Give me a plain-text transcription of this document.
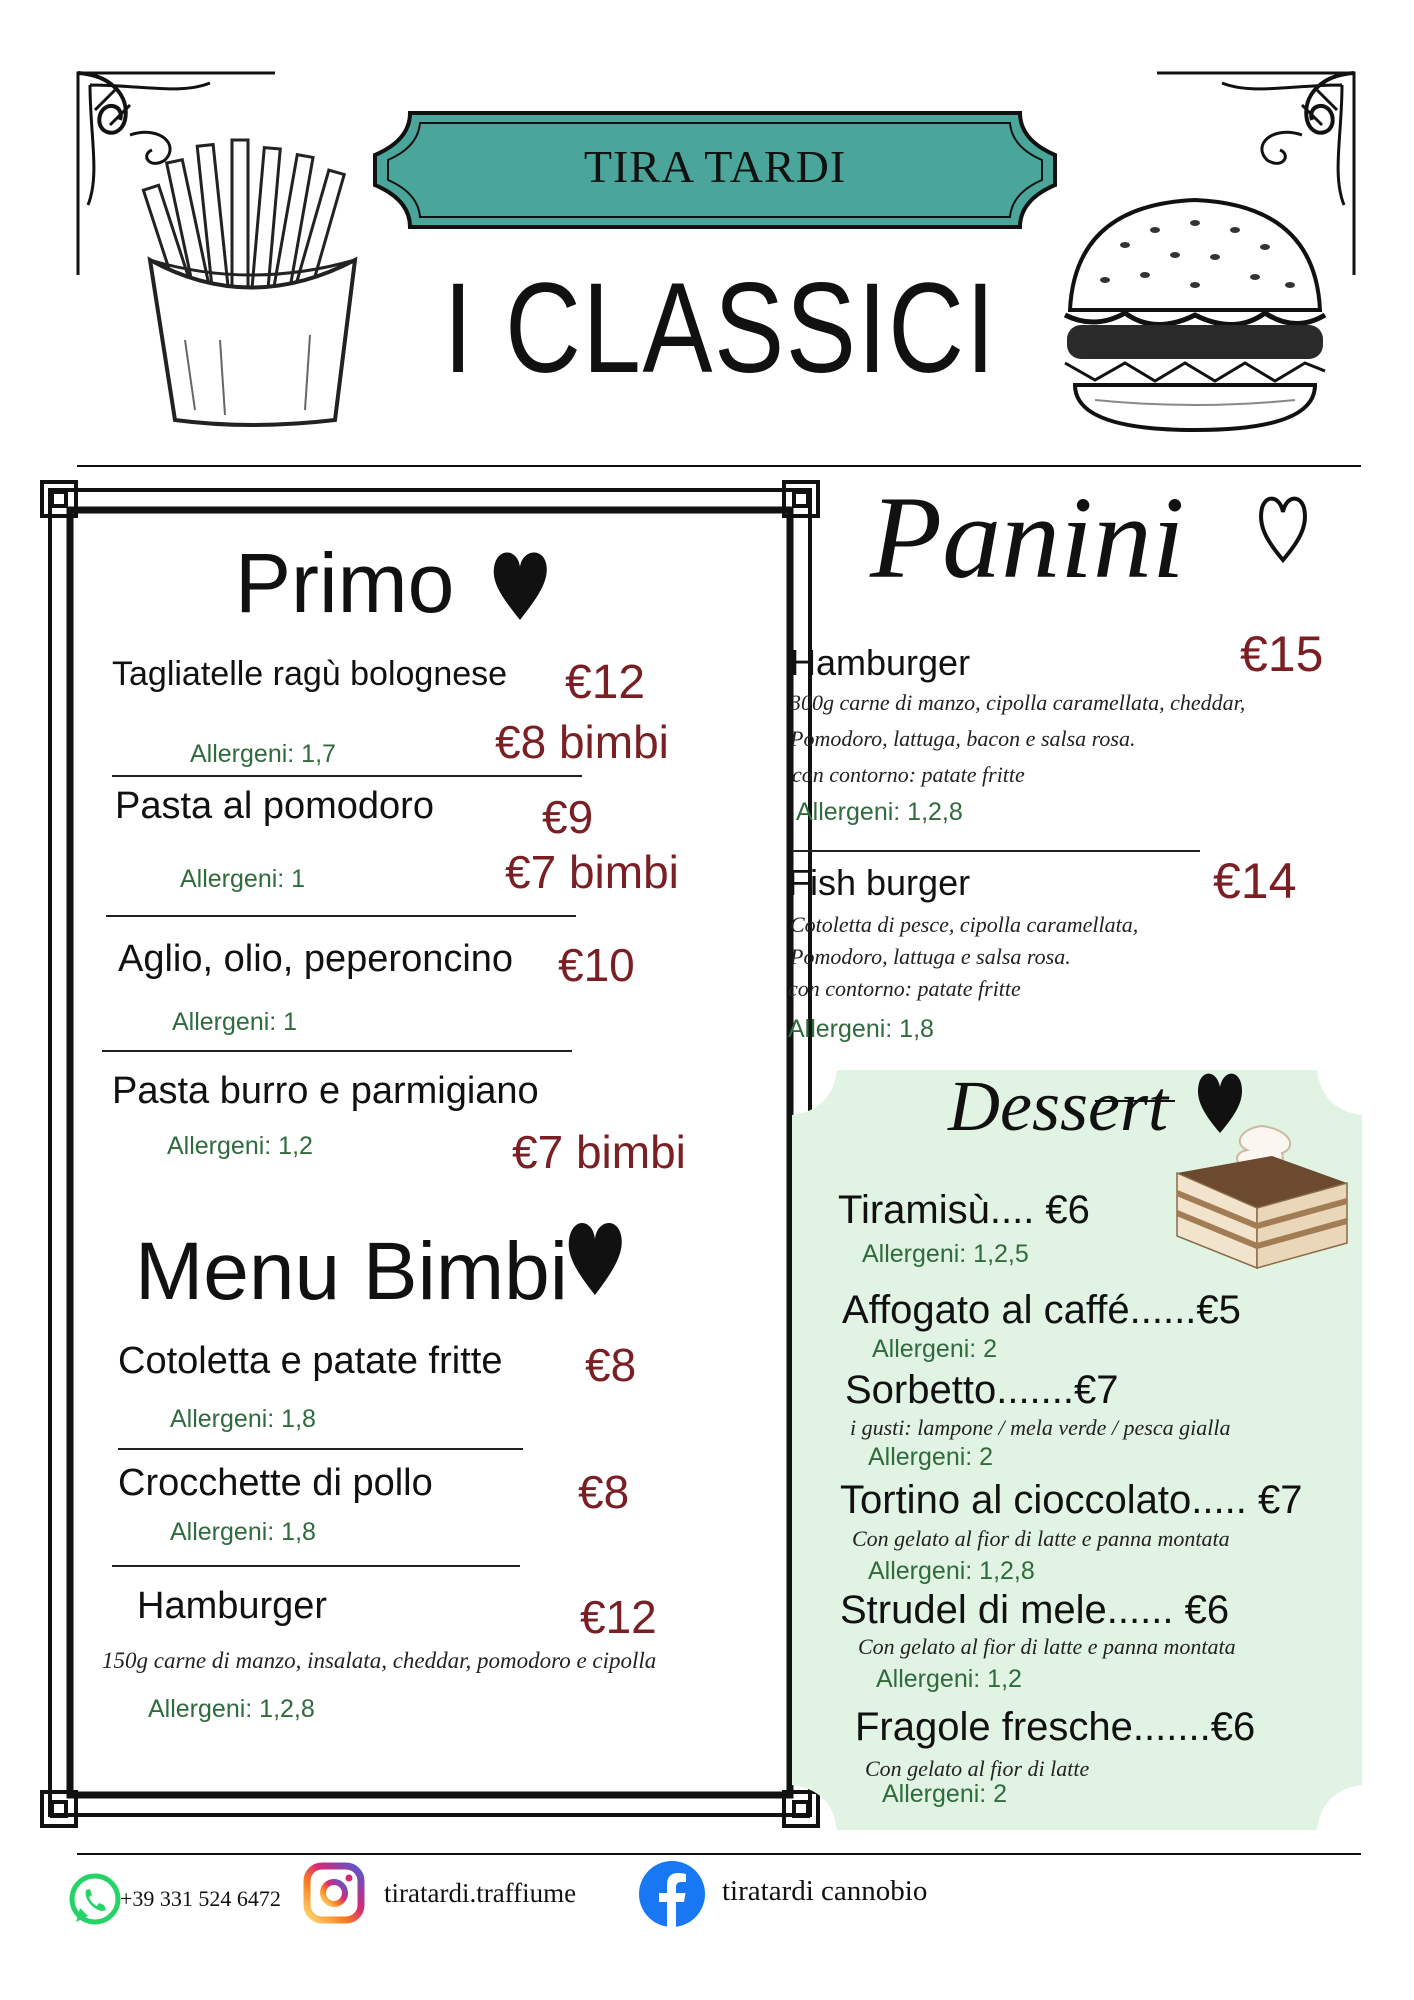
TIRA TARDI
I CLASSICI
Primo
Tagliatelle ragù bolognese €12
Allergeni: 1,7	€8 bimbi
Pasta al pomodoro €9
Allergeni: 1	€7 bimbi
Aglio, olio, peperoncino €10
Allergeni: 1
Pasta burro e parmigiano
Allergeni: 1,2	€7 bimbi
Menu Bimbi
Cotoletta e patate fritte €8
Allergeni: 1,8
Crocchette di pollo	€8
Allergeni: 1,8
Hamburger	€12
150g carne di manzo, insalata, cheddar, pomodoro e cipolla
Allergeni: 1,2,8
Panini
Hamburger	€15
300g carne di manzo, cipolla caramellata, cheddar,
Pomodoro, lattuga, bacon e salsa rosa.
con contorno: patate fritte
Allergeni: 1,2,8
Fish burger	€14
Cotoletta di pesce, cipolla caramellata,
Pomodoro, lattuga e salsa rosa.
con contorno: patate fritte
Allergeni: 1,8
Dessert
Tiramisù.... €6
Allergeni: 1,2,5
Affogato al caffé......€5
Allergeni: 2
Sorbetto.......€7
i gusti: lampone / mela verde / pesca gialla
Allergeni: 2
Tortino al cioccolato..... €7
Con gelato al fior di latte e panna montata
Allergeni: 1,2,8
Strudel di mele...... €6
Con gelato al fior di latte e panna montata
Allergeni: 1,2
Fragole fresche.......€6
Con gelato al fior di latte
Allergeni: 2
+39 331 524 6472	tiratardi.traffiume	tiratardi cannobio
